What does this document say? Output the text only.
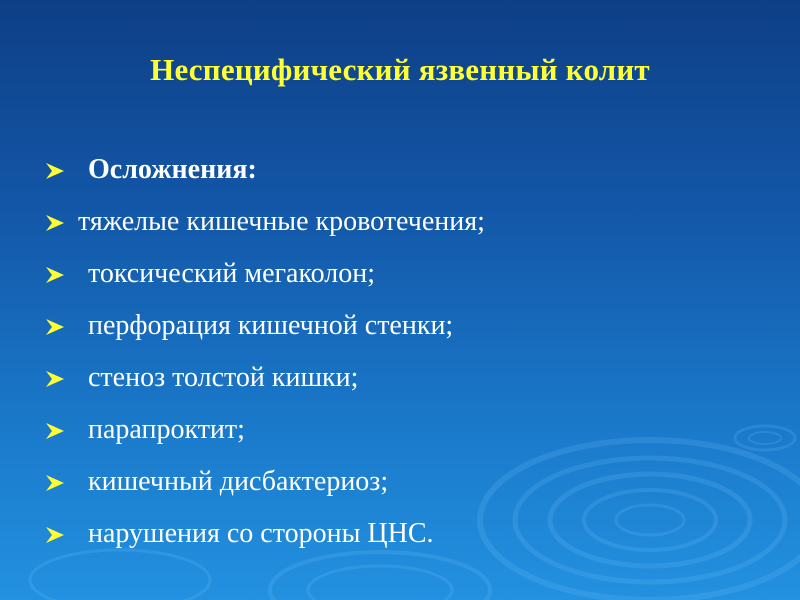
Неспецифический язвенный колит
Осложнения:
тяжелые кишечные кровотечения;
токсический мегаколон;
перфорация кишечной стенки;
стеноз толстой кишки;
парапроктит;
кишечный дисбактериоз;
нарушения со стороны ЦНС.
